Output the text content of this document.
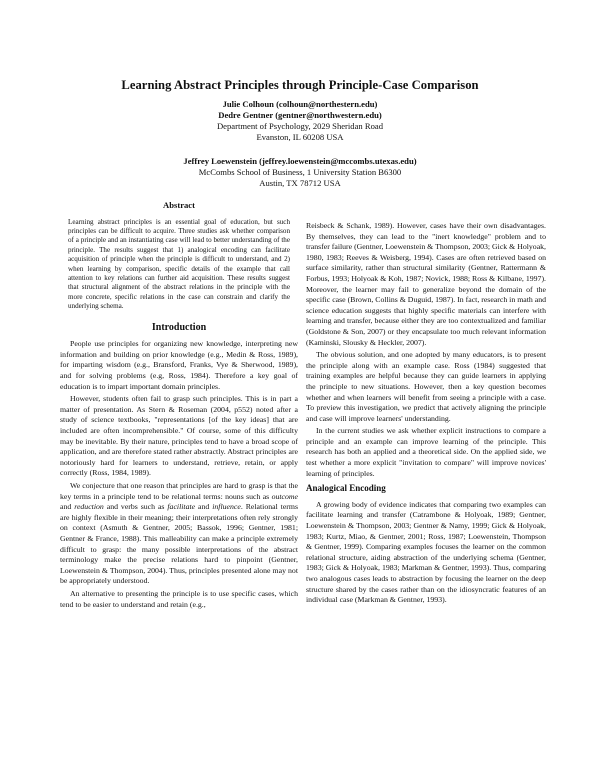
Learning Abstract Principles through Principle-Case Comparison
Julie Colhoun (colhoun@northestern.edu)
Dedre Gentner (gentner@northwestern.edu)
Department of Psychology, 2029 Sheridan Road
Evanston, IL 60208 USA
Jeffrey Loewenstein (jeffrey.loewenstein@mccombs.utexas.edu)
McCombs School of Business, 1 University Station B6300
Austin, TX 78712 USA
Abstract
Learning abstract principles is an essential goal of education, but such principles can be difficult to acquire. Three studies ask whether comparison of a principle and an instantiating case will lead to better understanding of the principle. The results suggest that 1) analogical encoding can facilitate acquisition of principle when the principle is difficult to understand, and 2) when learning by comparison, specific details of the example that call attention to key relations can further aid acquisition. These results suggest that structural alignment of the abstract relations in the principle with the more concrete, specific relations in the case can constrain and clarify the underlying schema.
Introduction

People use principles for organizing new knowledge, interpreting new information and building on prior knowledge (e.g., Medin & Ross, 1989), for imparting wisdom (e.g., Bransford, Franks, Vye & Sherwood, 1989), and for solving problems (e.g, Ross, 1984). Therefore a key goal of education is to impart important domain principles.

However, students often fail to grasp such principles. This is in part a matter of presentation. As Stern & Roseman (2004, p552) noted after a study of science textbooks, "representations [of the key ideas] that are included are often incomprehensible." Of course, some of this difficulty may be inevitable. By their nature, principles tend to have a broad scope of application, and are therefore stated rather abstractly. Abstract principles are notoriously hard for learners to understand, retrieve, retain, or apply correctly (Ross, 1984, 1989).

We conjecture that one reason that principles are hard to grasp is that the key terms in a principle tend to be relational terms: nouns such as outcome and reduction and verbs such as facilitate and influence. Relational terms are highly flexible in their meaning; their interpretations often rely strongly on context (Asmuth & Gentner, 2005; Bassok, 1996; Gentner, 1981; Gentner & France, 1988). This malleability can make a principle extremely difficult to grasp: the many possible interpretations of the abstract terminology make the precise relations hard to pinpoint (Gentner, Loewenstein & Thompson, 2004). Thus, principles presented alone may not be appropriately understood.

An alternative to presenting the principle is to use specific cases, which tend to be easier to understand and retain (e.g.,

Reisbeck & Schank, 1989). However, cases have their own disadvantages. By themselves, they can lead to the "inert knowledge" problem and to transfer failure (Gentner, Loewenstein & Thompson, 2003; Gick & Holyoak, 1980, 1983; Reeves & Weisberg, 1994). Cases are often retrieved based on surface similarity, rather than structural similarity (Gentner, Rattermann & Forbus, 1993; Holyoak & Koh, 1987; Novick, 1988; Ross & Kilbane, 1997). Moreover, the learner may fail to generalize beyond the domain of the specific case (Brown, Collins & Duguid, 1987). In fact, research in math and science education suggests that highly specific materials can interfere with learning and transfer, because either they are too contextualized and familiar (Goldstone & Son, 2007) or they encapsulate too much relevant information (Kaminski, Slousky & Heckler, 2007).

The obvious solution, and one adopted by many educators, is to present the principle along with an example case. Ross (1984) suggested that training examples are helpful because they can guide learners in applying the principle to new situations. However, then a key question becomes whether and when learners will benefit from seeing a principle with a case. To preview this investigation, we predict that actively aligning the principle and case will improve learners' understanding.

In the current studies we ask whether explicit instructions to compare a principle and an example can improve learning of the principle. This research has both an applied and a theoretical side. On the applied side, we test whether a more explicit "invitation to compare" will improve novices' learning of principles.

Analogical Encoding

A growing body of evidence indicates that comparing two examples can facilitate learning and transfer (Catrambone & Holyoak, 1989; Gentner, Loewenstein & Thompson, 2003; Gentner & Namy, 1999; Gick & Holyoak, 1983; Kurtz, Miao, & Gentner, 2001; Ross, 1987; Loewenstein, Thompson & Gentner, 1999). Comparing examples focuses the learner on the common relational structure, aiding abstraction of the underlying schema (Gentner, 1983; Gick & Holyoak, 1983; Markman & Gentner, 1993). Thus, comparing two analogous cases leads to abstraction by focusing the learner on the deep structure shared by the cases rather than on the idiosyncratic features of an individual case (Markman & Gentner, 1993).
